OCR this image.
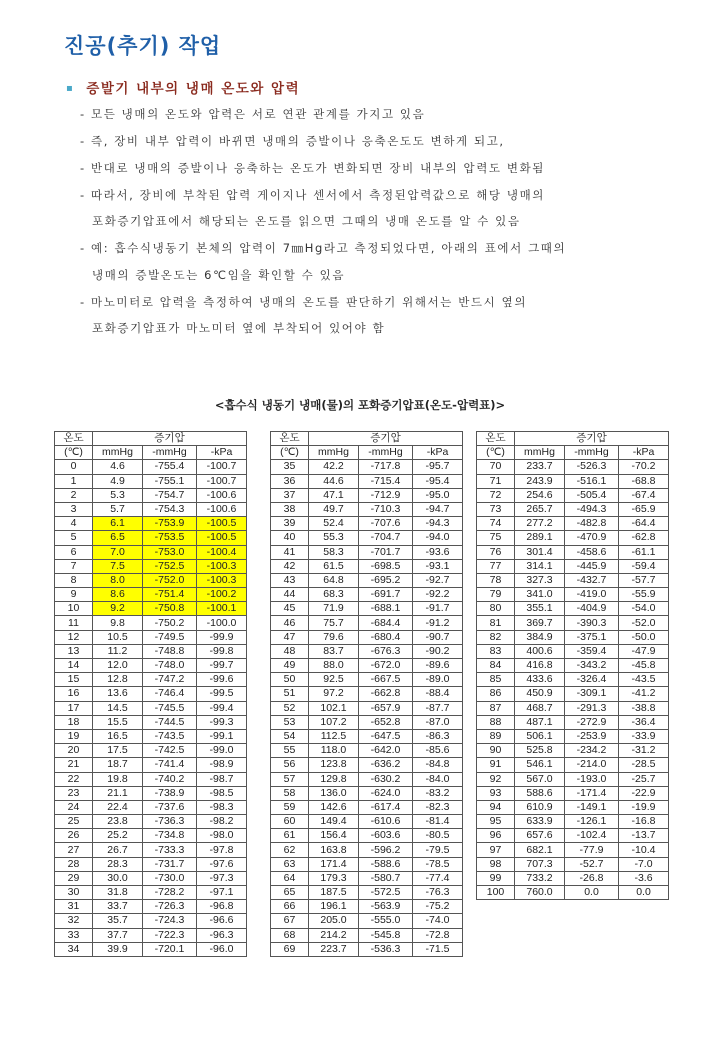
진공(추기) 작업
▪ 증발기 내부의 냉매 온도와 압력
- 모든 냉매의 온도와 압력은 서로 연관 관계를 가지고 있음
- 즉, 장비 내부 압력이 바뀌면 냉매의 증발이나 응축온도도 변하게 되고,
- 반대로 냉매의 증발이나 응축하는 온도가 변화되면 장비 내부의 압력도 변화됨
- 따라서, 장비에 부착된 압력 게이지나 센서에서 측정된압력값으로 해당 냉매의
포화증기압표에서 해당되는 온도를 읽으면 그때의 냉매 온도를 알 수 있음
- 예: 흡수식냉동기 본체의 압력이 7㎜Hg라고 측정되었다면, 아래의 표에서 그때의
냉매의 증발온도는 6℃임을 확인할 수 있음
- 마노미터로 압력을 측정하여 냉매의 온도를 판단하기 위해서는 반드시 옆의
포화증기압표가 마노미터 옆에 부착되어 있어야 함
<흡수식 냉동기 냉매(물)의 포화증기압표(온도-압력표)>
온도	증기압		
(℃)	mmHg	-mmHg	-kPa
0	4.6	-755.4	-100.7
1	4.9	-755.1	-100.7
2	5.3	-754.7	-100.6
3	5.7	-754.3	-100.6
4	6.1	-753.9	-100.5
5	6.5	-753.5	-100.5
6	7.0	-753.0	-100.4
7	7.5	-752.5	-100.3
8	8.0	-752.0	-100.3
9	8.6	-751.4	-100.2
10	9.2	-750.8	-100.1
11	9.8	-750.2	-100.0
12	10.5	-749.5	-99.9
13	11.2	-748.8	-99.8
14	12.0	-748.0	-99.7
15	12.8	-747.2	-99.6
16	13.6	-746.4	-99.5
17	14.5	-745.5	-99.4
18	15.5	-744.5	-99.3
19	16.5	-743.5	-99.1
20	17.5	-742.5	-99.0
21	18.7	-741.4	-98.9
22	19.8	-740.2	-98.7
23	21.1	-738.9	-98.5
24	22.4	-737.6	-98.3
25	23.8	-736.3	-98.2
26	25.2	-734.8	-98.0
27	26.7	-733.3	-97.8
28	28.3	-731.7	-97.6
29	30.0	-730.0	-97.3
30	31.8	-728.2	-97.1
31	33.7	-726.3	-96.8
32	35.7	-724.3	-96.6
33	37.7	-722.3	-96.3
34	39.9	-720.1	-96.0
온도	증기압		
(℃)	mmHg	-mmHg	-kPa
35	42.2	-717.8	-95.7
36	44.6	-715.4	-95.4
37	47.1	-712.9	-95.0
38	49.7	-710.3	-94.7
39	52.4	-707.6	-94.3
40	55.3	-704.7	-94.0
41	58.3	-701.7	-93.6
42	61.5	-698.5	-93.1
43	64.8	-695.2	-92.7
44	68.3	-691.7	-92.2
45	71.9	-688.1	-91.7
46	75.7	-684.4	-91.2
47	79.6	-680.4	-90.7
48	83.7	-676.3	-90.2
49	88.0	-672.0	-89.6
50	92.5	-667.5	-89.0
51	97.2	-662.8	-88.4
52	102.1	-657.9	-87.7
53	107.2	-652.8	-87.0
54	112.5	-647.5	-86.3
55	118.0	-642.0	-85.6
56	123.8	-636.2	-84.8
57	129.8	-630.2	-84.0
58	136.0	-624.0	-83.2
59	142.6	-617.4	-82.3
60	149.4	-610.6	-81.4
61	156.4	-603.6	-80.5
62	163.8	-596.2	-79.5
63	171.4	-588.6	-78.5
64	179.3	-580.7	-77.4
65	187.5	-572.5	-76.3
66	196.1	-563.9	-75.2
67	205.0	-555.0	-74.0
68	214.2	-545.8	-72.8
69	223.7	-536.3	-71.5
온도	증기압		
(℃)	mmHg	-mmHg	-kPa
70	233.7	-526.3	-70.2
71	243.9	-516.1	-68.8
72	254.6	-505.4	-67.4
73	265.7	-494.3	-65.9
74	277.2	-482.8	-64.4
75	289.1	-470.9	-62.8
76	301.4	-458.6	-61.1
77	314.1	-445.9	-59.4
78	327.3	-432.7	-57.7
79	341.0	-419.0	-55.9
80	355.1	-404.9	-54.0
81	369.7	-390.3	-52.0
82	384.9	-375.1	-50.0
83	400.6	-359.4	-47.9
84	416.8	-343.2	-45.8
85	433.6	-326.4	-43.5
86	450.9	-309.1	-41.2
87	468.7	-291.3	-38.8
88	487.1	-272.9	-36.4
89	506.1	-253.9	-33.9
90	525.8	-234.2	-31.2
91	546.1	-214.0	-28.5
92	567.0	-193.0	-25.7
93	588.6	-171.4	-22.9
94	610.9	-149.1	-19.9
95	633.9	-126.1	-16.8
96	657.6	-102.4	-13.7
97	682.1	-77.9	-10.4
98	707.3	-52.7	-7.0
99	733.2	-26.8	-3.6
100	760.0	0.0	0.0
